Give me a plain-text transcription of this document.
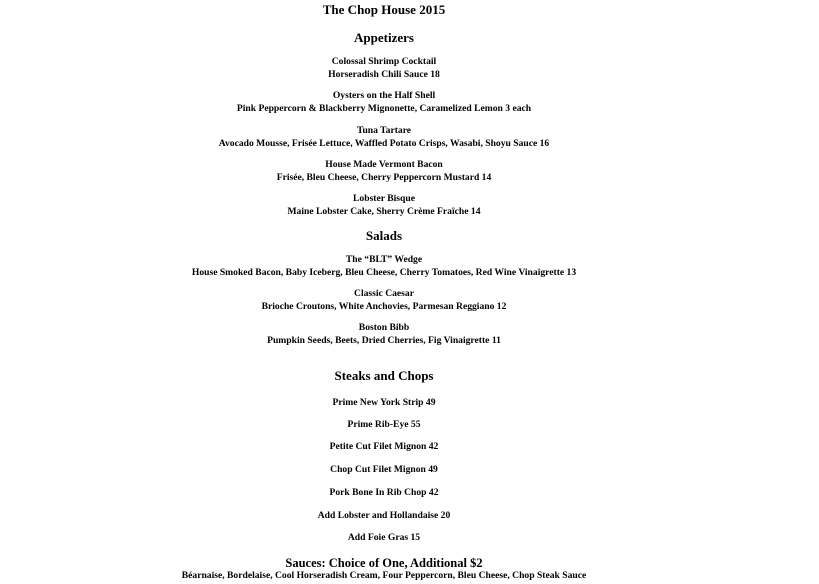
The Chop House 2015
Appetizers
Colossal Shrimp Cocktail
Horseradish Chili Sauce 18
Oysters on the Half Shell
Pink Peppercorn & Blackberry Mignonette, Caramelized Lemon 3 each
Tuna Tartare
Avocado Mousse, Frisée Lettuce, Waffled Potato Crisps, Wasabi, Shoyu Sauce 16
House Made Vermont Bacon
Frisée, Bleu Cheese, Cherry Peppercorn Mustard 14
Lobster Bisque
Maine Lobster Cake, Sherry Crème Fraîche 14
Salads
The “BLT” Wedge
House Smoked Bacon, Baby Iceberg, Bleu Cheese, Cherry Tomatoes, Red Wine Vinaigrette 13
Classic Caesar
Brioche Croutons, White Anchovies, Parmesan Reggiano 12
Boston Bibb
Pumpkin Seeds, Beets, Dried Cherries, Fig Vinaigrette 11
Steaks and Chops
Prime New York Strip 49
Prime Rib-Eye 55
Petite Cut Filet Mignon 42
Chop Cut Filet Mignon 49
Pork Bone In Rib Chop 42
Add Lobster and Hollandaise 20
Add Foie Gras 15
Sauces: Choice of One, Additional $2
Béarnaise, Bordelaise, Cool Horseradish Cream, Four Peppercorn, Bleu Cheese, Chop Steak Sauce
